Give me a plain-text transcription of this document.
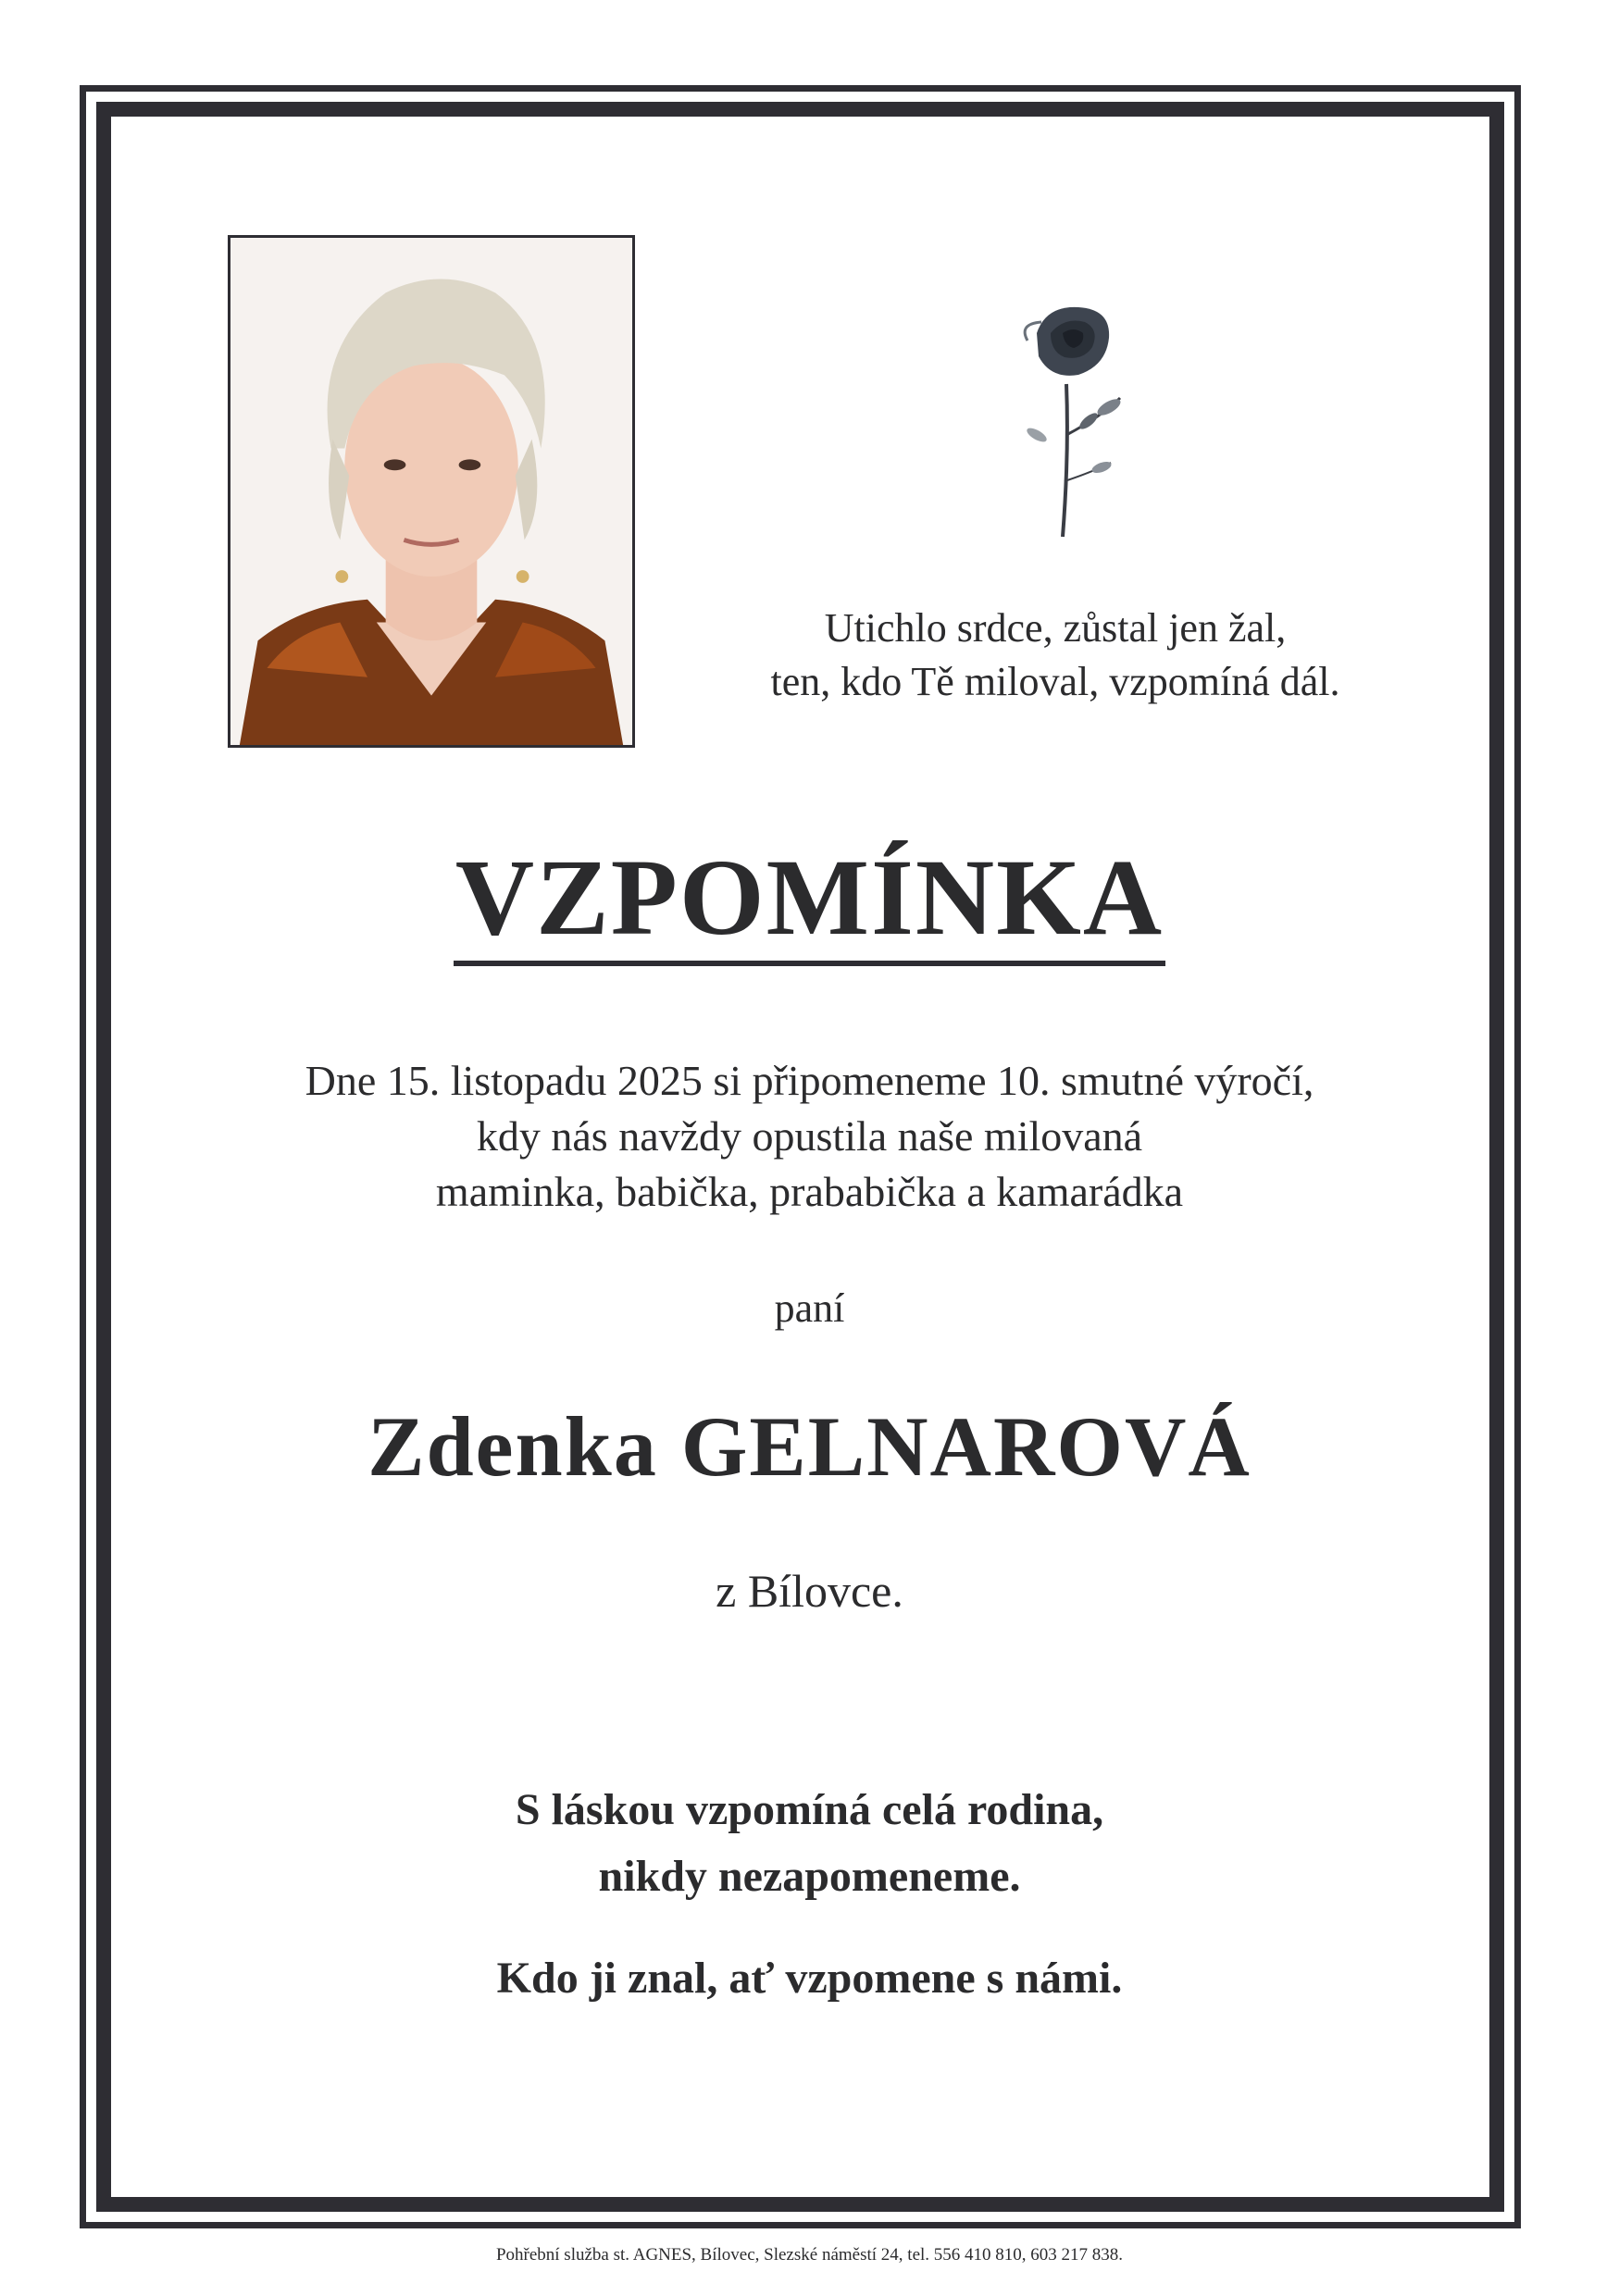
Utichlo srdce, zůstal jen žal,
ten, kdo Tě miloval, vzpomíná dál.
VZPOMÍNKA
Dne 15. listopadu 2025 si připomeneme 10. smutné výročí,
kdy nás navždy opustila naše milovaná
maminka, babička, prababička a kamarádka
paní
Zdenka GELNAROVÁ
z Bílovce.
S láskou vzpomíná celá rodina,
nikdy nezapomeneme.
Kdo ji znal, ať vzpomene s námi.
Pohřební služba st. AGNES, Bílovec, Slezské náměstí 24, tel. 556 410 810, 603 217 838.
